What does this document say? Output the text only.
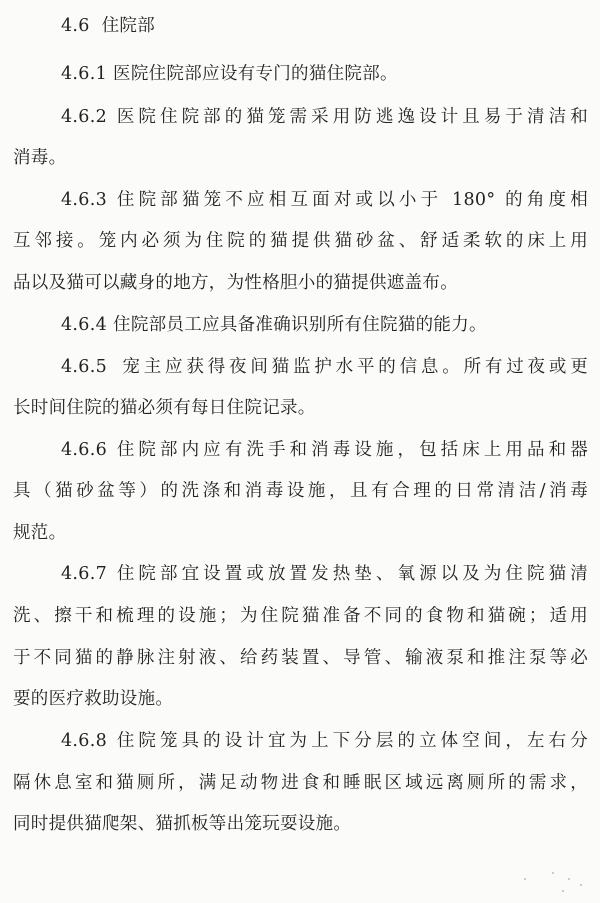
4.6 住院部
4.6.1 医院住院部应设有专门的猫住院部。
4.6.2 医院住院部的猫笼需采用防逃逸设计且易于清洁和
消毒。
4.6.3 住院部猫笼不应相互面对或以小于 180° 的角度相
互邻接。笼内必须为住院的猫提供猫砂盆、舒适柔软的床上用
品以及猫可以藏身的地方，为性格胆小的猫提供遮盖布。
4.6.4 住院部员工应具备准确识别所有住院猫的能力。
4.6.5 宠主应获得夜间猫监护水平的信息。所有过夜或更
长时间住院的猫必须有每日住院记录。
4.6.6 住院部内应有洗手和消毒设施，包括床上用品和器
具（猫砂盆等）的洗涤和消毒设施，且有合理的日常清洁/消毒
规范。
4.6.7 住院部宜设置或放置发热垫、氧源以及为住院猫清
洗、擦干和梳理的设施；为住院猫准备不同的食物和猫碗；适用
于不同猫的静脉注射液、给药装置、导管、输液泵和推注泵等必
要的医疗救助设施。
4.6.8 住院笼具的设计宜为上下分层的立体空间，左右分
隔休息室和猫厕所，满足动物进食和睡眠区域远离厕所的需求，
同时提供猫爬架、猫抓板等出笼玩耍设施。
